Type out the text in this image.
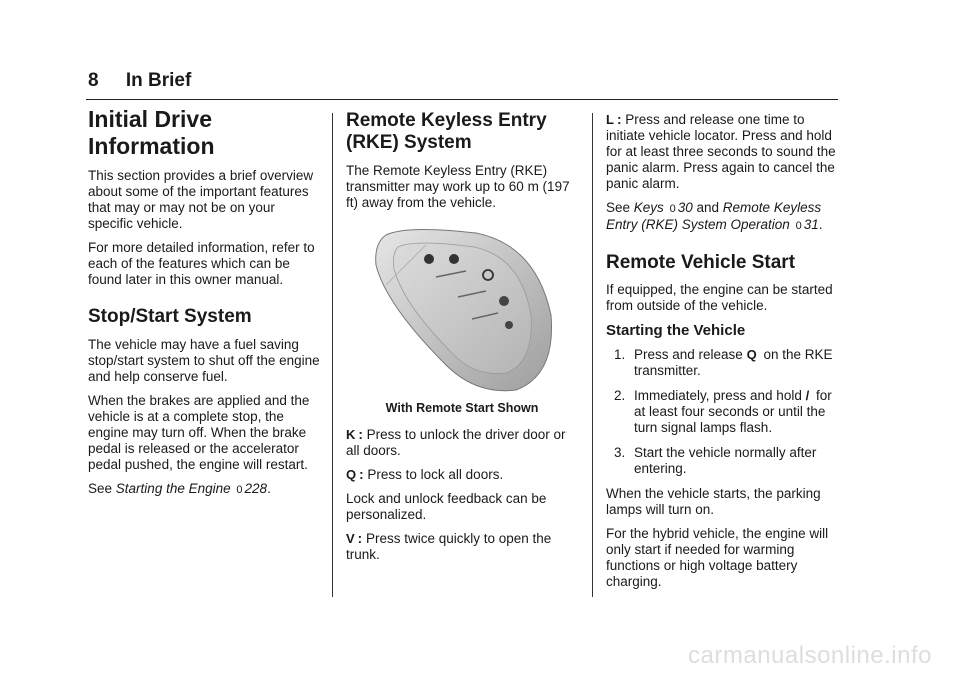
8 In Brief
Initial Drive
Information

This section provides a brief overview about some of the important features that may or may not be on your specific vehicle.

For more detailed information, refer to each of the features which can be found later in this owner manual.

Stop/Start System

The vehicle may have a fuel saving stop/start system to shut off the engine and help conserve fuel.

When the brakes are applied and the vehicle is at a complete stop, the engine may turn off. When the brake pedal is released or the accelerator pedal pushed, the engine will restart.

See Starting the Engine 0 228.

Remote Keyless Entry
(RKE) System

The Remote Keyless Entry (RKE) transmitter may work up to 60 m (197 ft) away from the vehicle.

With Remote Start Shown

K : Press to unlock the driver door or all doors.

Q : Press to lock all doors.

Lock and unlock feedback can be personalized.

V : Press twice quickly to open the trunk.

L : Press and release one time to initiate vehicle locator. Press and hold for at least three seconds to sound the panic alarm. Press again to cancel the panic alarm.

See Keys 0 30 and Remote Keyless Entry (RKE) System Operation 0 31.

Remote Vehicle Start

If equipped, the engine can be started from outside of the vehicle.

Starting the Vehicle
1. Press and release Q on the RKE transmitter.
2. Immediately, press and hold / for at least four seconds or until the turn signal lamps flash.
3. Start the vehicle normally after entering.

When the vehicle starts, the parking lamps will turn on.

For the hybrid vehicle, the engine will only start if needed for warming functions or high voltage battery charging.

carmanualsonline.info
